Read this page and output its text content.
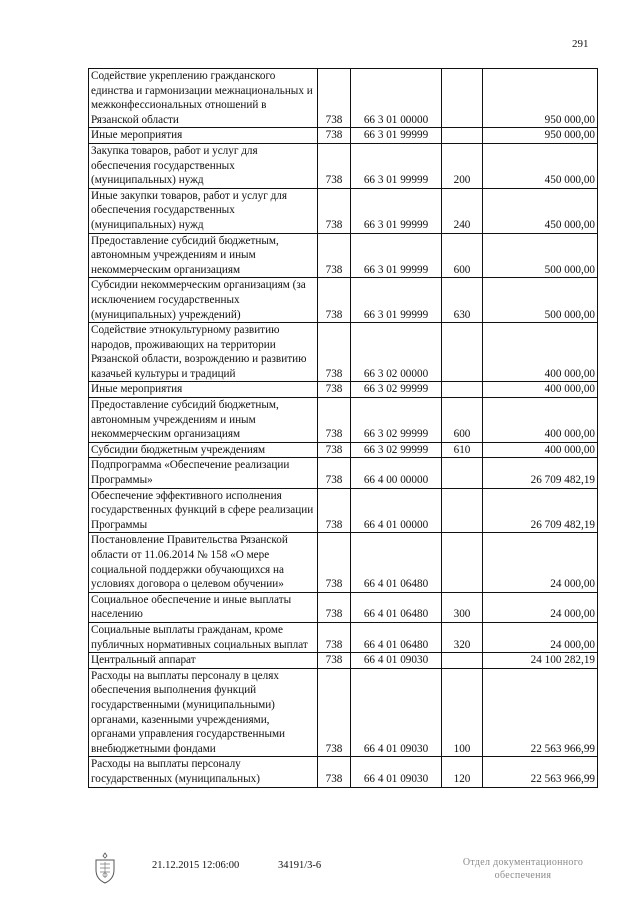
291
Содействие укреплению гражданского единства и гармонизации межнациональных и межконфессиональных отношений в Рязанской области	738	66 3 01 00000		950 000,00
Иные мероприятия	738	66 3 01 99999		950 000,00
Закупка товаров, работ и услуг для обеспечения государственных (муниципальных) нужд	738	66 3 01 99999	200	450 000,00
Иные закупки товаров, работ и услуг для обеспечения государственных (муниципальных) нужд	738	66 3 01 99999	240	450 000,00
Предоставление субсидий бюджетным, автономным учреждениям и иным некоммерческим организациям	738	66 3 01 99999	600	500 000,00
Субсидии некоммерческим организациям (за исключением государственных (муниципальных) учреждений)	738	66 3 01 99999	630	500 000,00
Содействие этнокультурному развитию народов, проживающих на территории Рязанской области, возрождению и развитию казачьей культуры и традиций	738	66 3 02 00000		400 000,00
Иные мероприятия	738	66 3 02 99999		400 000,00
Предоставление субсидий бюджетным, автономным учреждениям и иным некоммерческим организациям	738	66 3 02 99999	600	400 000,00
Субсидии бюджетным учреждениям	738	66 3 02 99999	610	400 000,00
Подпрограмма «Обеспечение реализации Программы»	738	66 4 00 00000		26 709 482,19
Обеспечение эффективного исполнения государственных функций в сфере реализации Программы	738	66 4 01 00000		26 709 482,19
Постановление Правительства Рязанской области от 11.06.2014 № 158 «О мере социальной поддержки обучающихся на условиях договора о целевом обучении»	738	66 4 01 06480		24 000,00
Социальное обеспечение и иные выплаты населению	738	66 4 01 06480	300	24 000,00
Социальные выплаты гражданам, кроме публичных нормативных социальных выплат	738	66 4 01 06480	320	24 000,00
Центральный аппарат	738	66 4 01 09030		24 100 282,19
Расходы на выплаты персоналу в целях обеспечения выполнения функций государственными (муниципальными) органами, казенными учреждениями, органами управления государственными внебюджетными фондами	738	66 4 01 09030	100	22 563 966,99
Расходы на выплаты персоналу государственных (муниципальных)	738	66 4 01 09030	120	22 563 966,99
21.12.2015 12:06:00	34191/3-6	Отдел документационного
обеспечения
